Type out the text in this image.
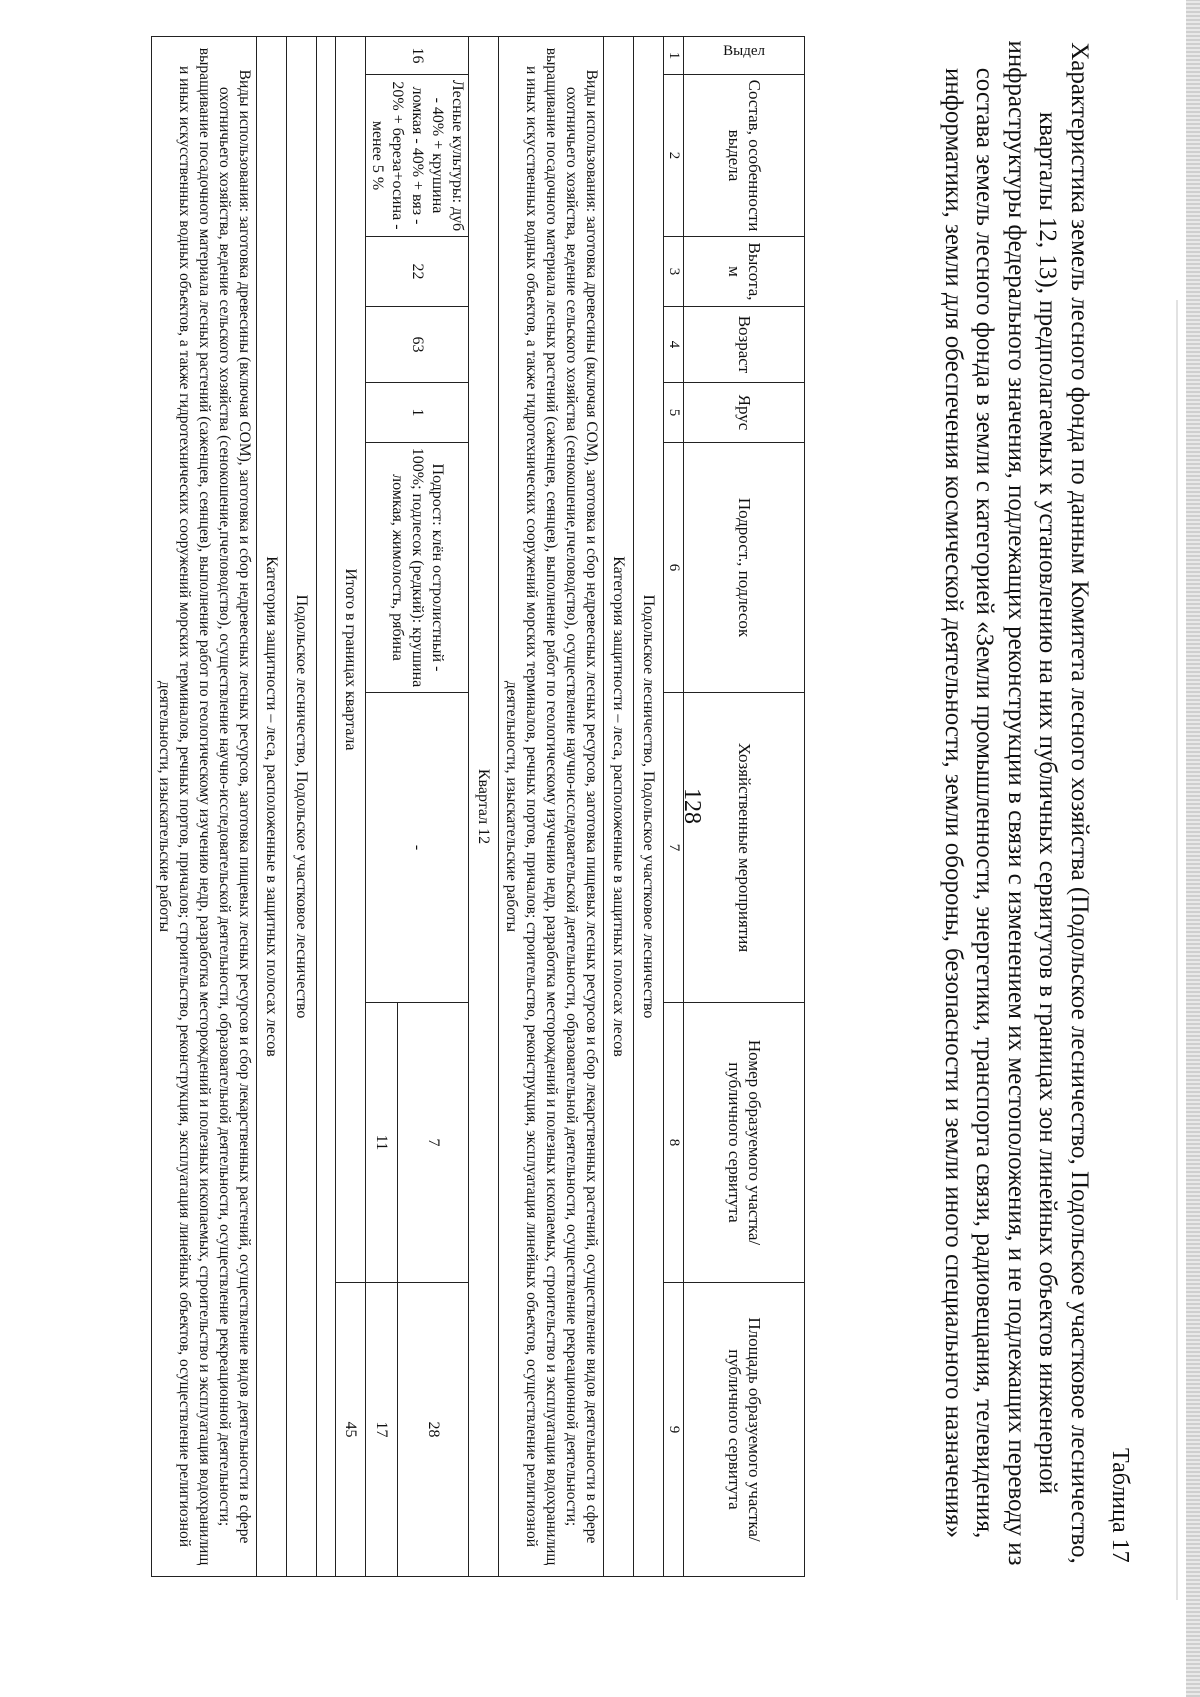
128
Таблица 17
Характеристика земель лесного фонда по данным Комитета лесного хозяйства (Подольское лесничество, Подольское участковое лесничество, кварталы 12, 13), предполагаемых к установлению на них публичных сервитутов в границах зон линейных объектов инженерной инфраструктуры федерального значения, подлежащих реконструкции в связи с изменением их местоположения, и не подлежащих переводу из состава земель лесного фонда в земли с категорией «Земли промышленности, энергетики, транспорта связи, радиовещания, телевидения, информатики, земли для обеспечения космической деятельности, земли обороны, безопасности и земли иного специального назначения»
Выдел	Состав, особенности выдела	Высота, м	Возраст	Ярус	Подрост., подлесок	Хозяйственные мероприятия	Номер образуемого участка/ публичного сервитута	Площадь образуемого участка/ публичного сервитута
1	2	3	4	5	6	7	8	9
Подольское лесничество, Подольское участковое лесничество								
Категория защитности – леса, расположенные в защитных полосах лесов								
Виды использования: заготовка древесины (включая СОМ), заготовка и сбор недревесных лесных ресурсов, заготовка пищевых лесных ресурсов и сбор лекарственных растений, осуществление видов деятельности в сфере охотничьего хозяйства, ведение сельского хозяйства (сенокошение,пчеловодство), осуществление научно-исследовательской деятельности, образовательной деятельности, осуществление рекреационной деятельности; выращивание посадочного материала лесных растений (саженцев, сеянцев), выполнение работ по геологическому изучению недр, разработка месторождений и полезных ископаемых, строительство и эксплуатация водохранилищ и иных искусственных водных объектов, а также гидротехнических сооружений морских терминалов, речных портов, причалов; строительство, реконструкция, эксплуатация линейных объектов, осуществление религиозной деятельности, изыскательские работы								
Квартал 12								
16	Лесные культуры: дуб - 40% + крушина ломкая - 40% + вяз - 20% + береза+осина - менее 5 %	22	63	1	Подрост: клён остролистный - 100%; подлесок (редкий): крушина ломкая, жимолость, рябина	-	7	28
							11	17
Итого в границах квартала								45

Подольское лесничество, Подольское участковое лесничество								
Категория защитности – леса, расположенные в защитных полосах лесов								
Виды использования: заготовка древесины (включая СОМ), заготовка и сбор недревесных лесных ресурсов, заготовка пищевых лесных ресурсов и сбор лекарственных растений, осуществление видов деятельности в сфере охотничьего хозяйства, ведение сельского хозяйства (сенокошение,пчеловодство), осуществление научно-исследовательской деятельности, образовательной деятельности, осуществление рекреационной деятельности; выращивание посадочного материала лесных растений (саженцев, сеянцев), выполнение работ по геологическому изучению недр, разработка месторождений и полезных ископаемых, строительство и эксплуатация водохранилищ и иных искусственных водных объектов, а также гидротехнических сооружений морских терминалов, речных портов, причалов; строительство, реконструкция, эксплуатация линейных объектов, осуществление религиозной деятельности, изыскательские работы								
